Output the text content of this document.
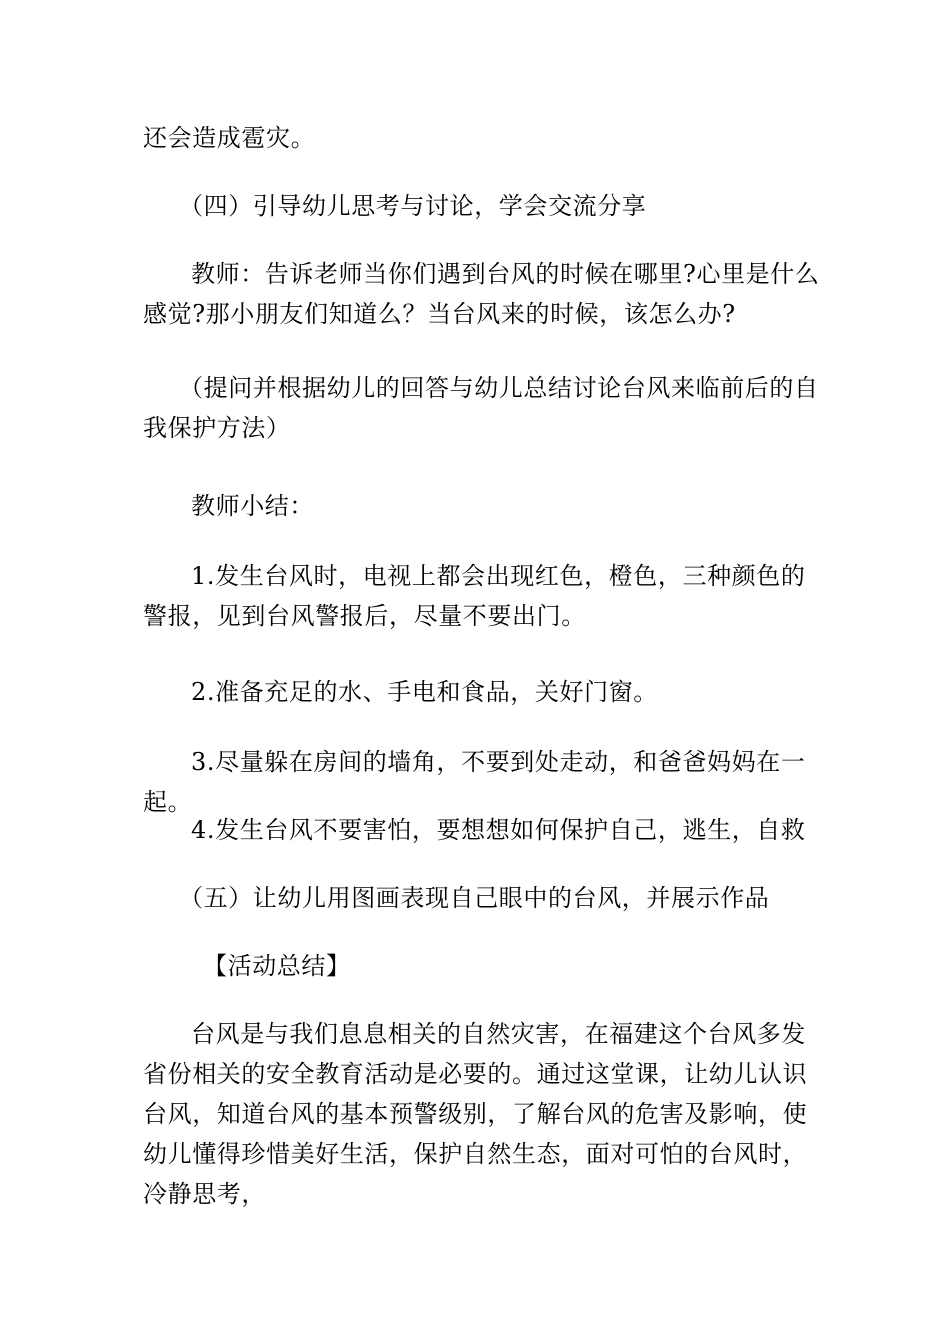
还会造成雹灾。

（四）引导幼儿思考与讨论，学会交流分享

教师：告诉老师当你们遇到台风的时候在哪里?心里是什么感觉?那小朋友们知道么？当台风来的时候，该怎么办?

（提问并根据幼儿的回答与幼儿总结讨论台风来临前后的自我保护方法）

教师小结：

1.发生台风时，电视上都会出现红色，橙色，三种颜色的警报，见到台风警报后，尽量不要出门。

2.准备充足的水、手电和食品，关好门窗。

3.尽量躲在房间的墙角，不要到处走动，和爸爸妈妈在一起。

4.发生台风不要害怕，要想想如何保护自己，逃生，自救

（五）让幼儿用图画表现自己眼中的台风，并展示作品

【活动总结】

台风是与我们息息相关的自然灾害，在福建这个台风多发省份相关的安全教育活动是必要的。通过这堂课，让幼儿认识台风，知道台风的基本预警级别，了解台风的危害及影响，使幼儿懂得珍惜美好生活，保护自然生态，面对可怕的台风时，冷静思考，
